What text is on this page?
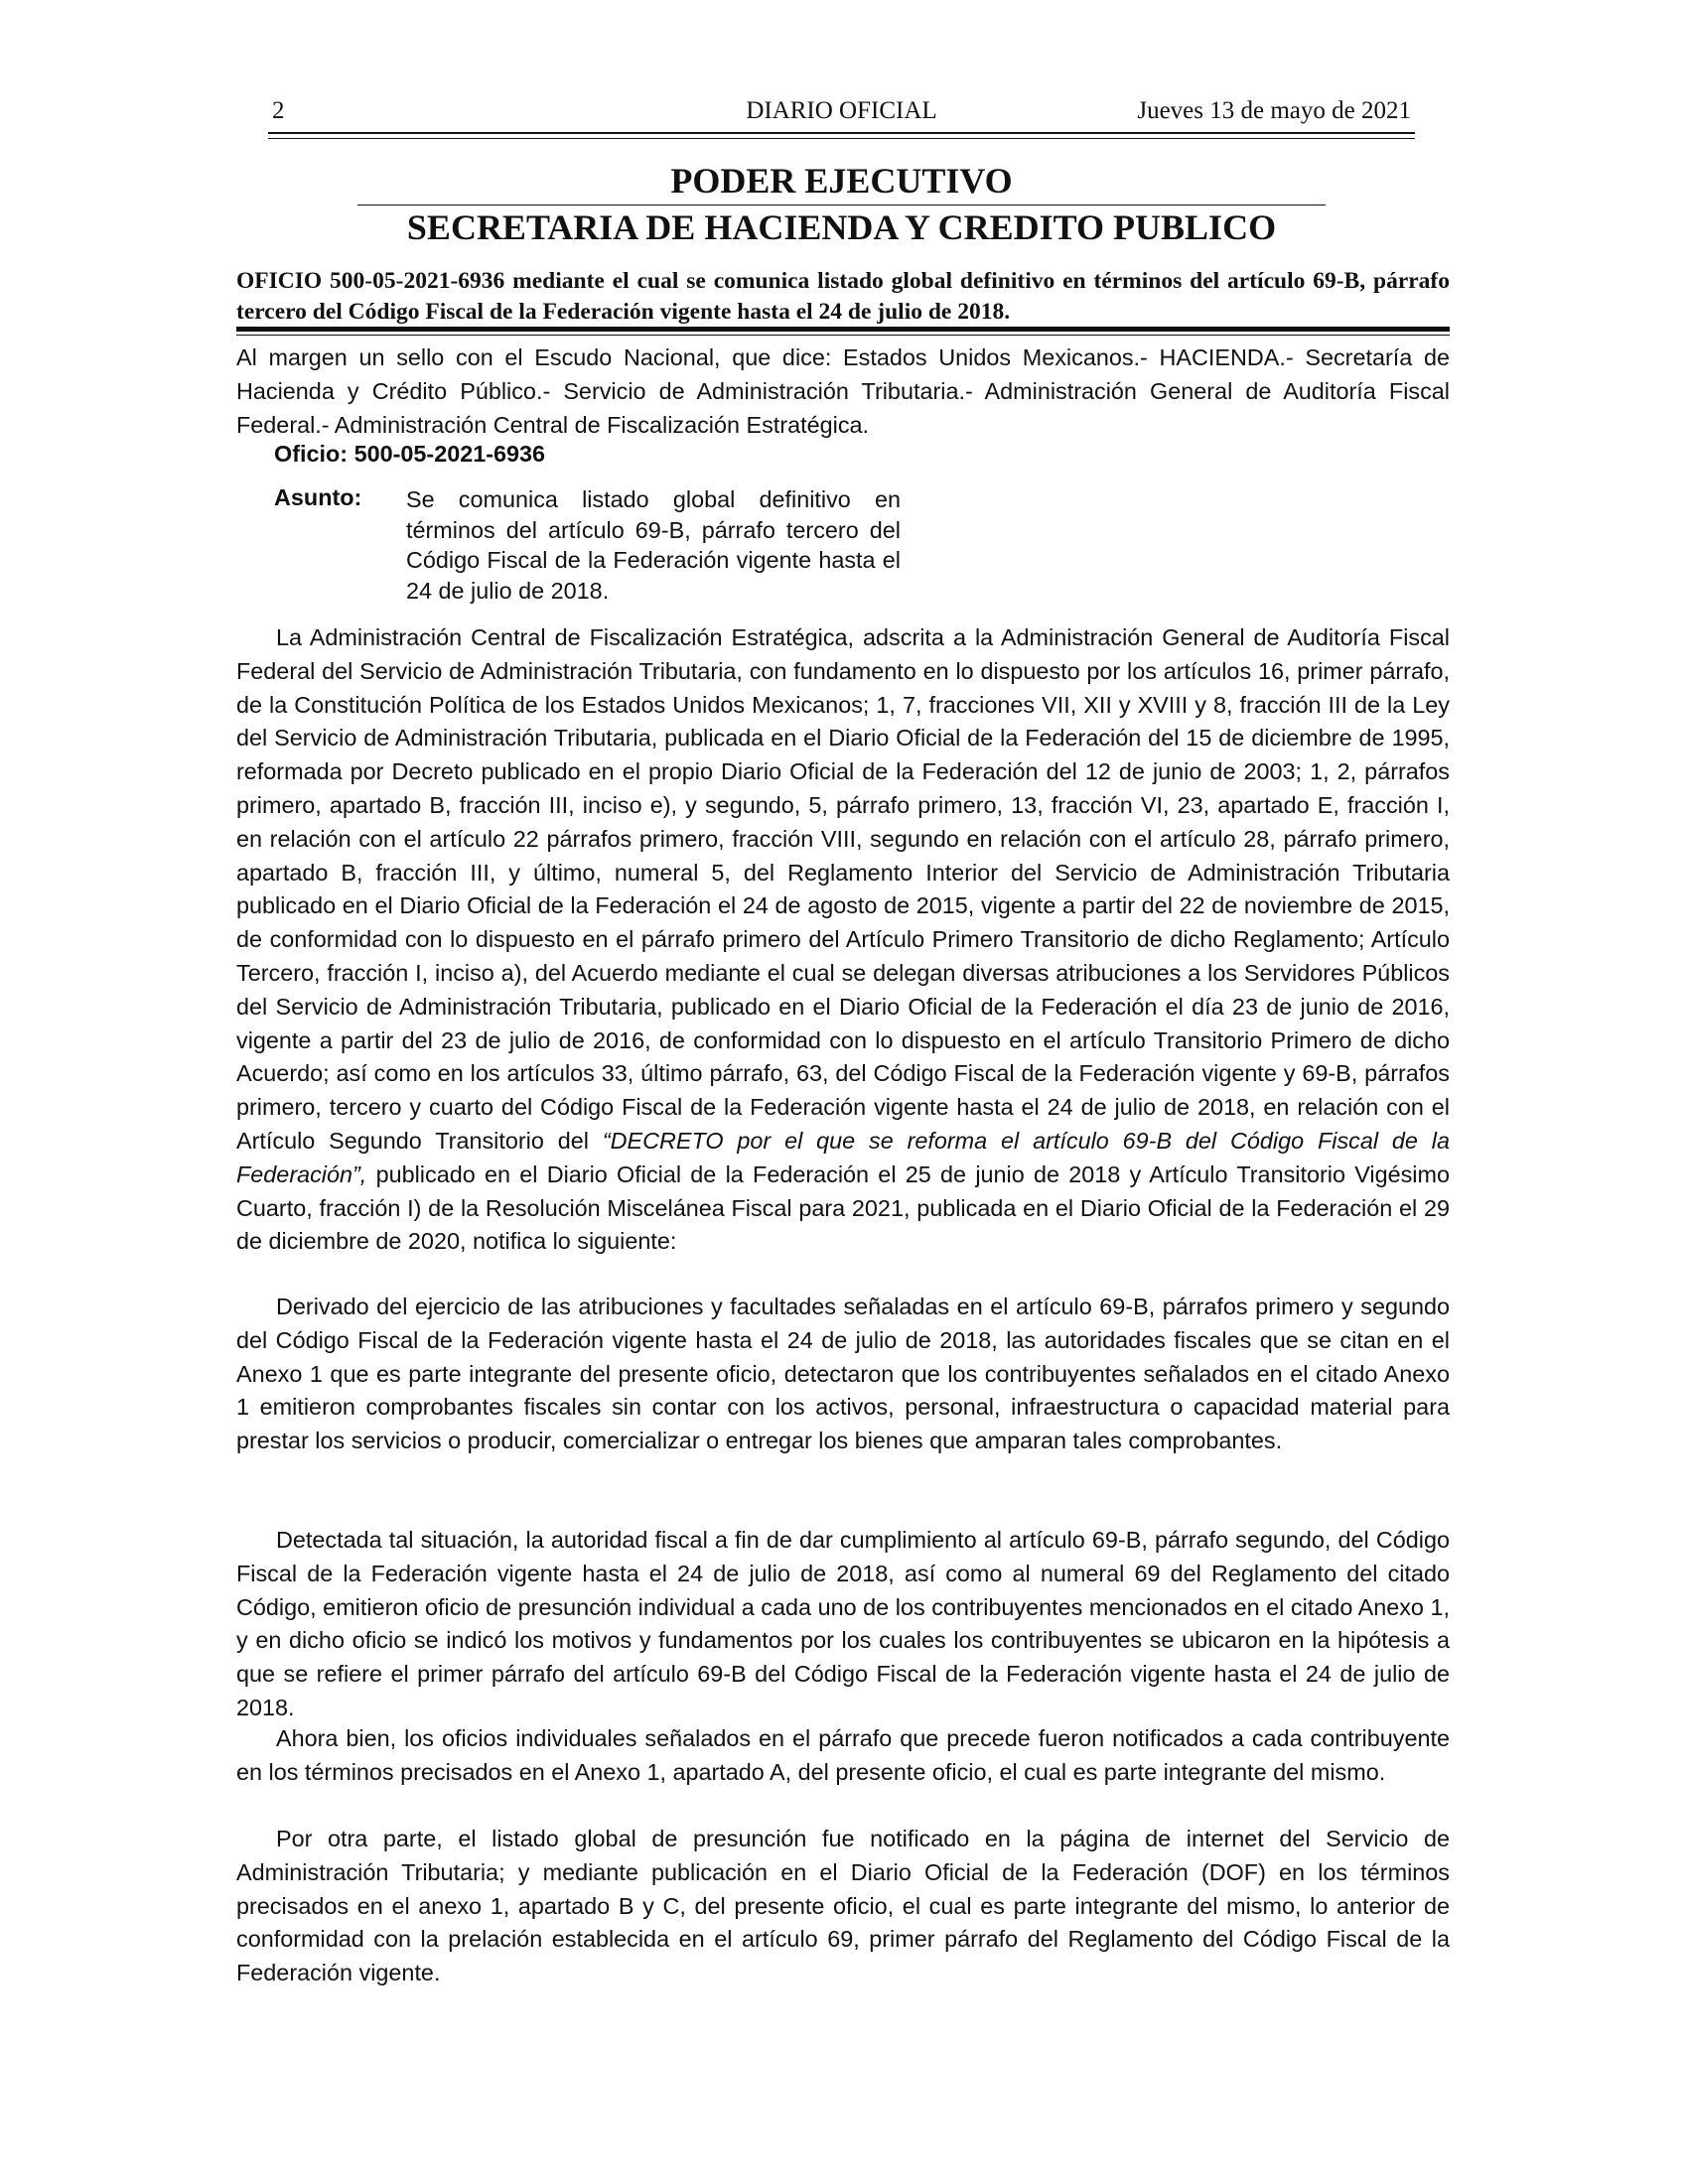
2	DIARIO OFICIAL	Jueves 13 de mayo de 2021
PODER EJECUTIVO
SECRETARIA DE HACIENDA Y CREDITO PUBLICO

OFICIO 500-05-2021-6936 mediante el cual se comunica listado global definitivo en términos del artículo 69-B, párrafo tercero del Código Fiscal de la Federación vigente hasta el 24 de julio de 2018.

Al margen un sello con el Escudo Nacional, que dice: Estados Unidos Mexicanos.- HACIENDA.- Secretaría de Hacienda y Crédito Público.- Servicio de Administración Tributaria.- Administración General de Auditoría Fiscal Federal.- Administración Central de Fiscalización Estratégica.

Oficio: 500-05-2021-6936

Asunto: Se comunica listado global definitivo en términos del artículo 69-B, párrafo tercero del Código Fiscal de la Federación vigente hasta el 24 de julio de 2018.

La Administración Central de Fiscalización Estratégica, adscrita a la Administración General de Auditoría Fiscal Federal del Servicio de Administración Tributaria, con fundamento en lo dispuesto por los artículos 16, primer párrafo, de la Constitución Política de los Estados Unidos Mexicanos; 1, 7, fracciones VII, XII y XVIII y 8, fracción III de la Ley del Servicio de Administración Tributaria, publicada en el Diario Oficial de la Federación del 15 de diciembre de 1995, reformada por Decreto publicado en el propio Diario Oficial de la Federación del 12 de junio de 2003; 1, 2, párrafos primero, apartado B, fracción III, inciso e), y segundo, 5, párrafo primero, 13, fracción VI, 23, apartado E, fracción I, en relación con el artículo 22 párrafos primero, fracción VIII, segundo en relación con el artículo 28, párrafo primero, apartado B, fracción III, y último, numeral 5, del Reglamento Interior del Servicio de Administración Tributaria publicado en el Diario Oficial de la Federación el 24 de agosto de 2015, vigente a partir del 22 de noviembre de 2015, de conformidad con lo dispuesto en el párrafo primero del Artículo Primero Transitorio de dicho Reglamento; Artículo Tercero, fracción I, inciso a), del Acuerdo mediante el cual se delegan diversas atribuciones a los Servidores Públicos del Servicio de Administración Tributaria, publicado en el Diario Oficial de la Federación el día 23 de junio de 2016, vigente a partir del 23 de julio de 2016, de conformidad con lo dispuesto en el artículo Transitorio Primero de dicho Acuerdo; así como en los artículos 33, último párrafo, 63, del Código Fiscal de la Federación vigente y 69-B, párrafos primero, tercero y cuarto del Código Fiscal de la Federación vigente hasta el 24 de julio de 2018, en relación con el Artículo Segundo Transitorio del “DECRETO por el que se reforma el artículo 69-B del Código Fiscal de la Federación”, publicado en el Diario Oficial de la Federación el 25 de junio de 2018 y Artículo Transitorio Vigésimo Cuarto, fracción I) de la Resolución Miscelánea Fiscal para 2021, publicada en el Diario Oficial de la Federación el 29 de diciembre de 2020, notifica lo siguiente:

Derivado del ejercicio de las atribuciones y facultades señaladas en el artículo 69-B, párrafos primero y segundo del Código Fiscal de la Federación vigente hasta el 24 de julio de 2018, las autoridades fiscales que se citan en el Anexo 1 que es parte integrante del presente oficio, detectaron que los contribuyentes señalados en el citado Anexo 1 emitieron comprobantes fiscales sin contar con los activos, personal, infraestructura o capacidad material para prestar los servicios o producir, comercializar o entregar los bienes que amparan tales comprobantes.

Detectada tal situación, la autoridad fiscal a fin de dar cumplimiento al artículo 69-B, párrafo segundo, del Código Fiscal de la Federación vigente hasta el 24 de julio de 2018, así como al numeral 69 del Reglamento del citado Código, emitieron oficio de presunción individual a cada uno de los contribuyentes mencionados en el citado Anexo 1, y en dicho oficio se indicó los motivos y fundamentos por los cuales los contribuyentes se ubicaron en la hipótesis a que se refiere el primer párrafo del artículo 69-B del Código Fiscal de la Federación vigente hasta el 24 de julio de 2018.

Ahora bien, los oficios individuales señalados en el párrafo que precede fueron notificados a cada contribuyente en los términos precisados en el Anexo 1, apartado A, del presente oficio, el cual es parte integrante del mismo.

Por otra parte, el listado global de presunción fue notificado en la página de internet del Servicio de Administración Tributaria; y mediante publicación en el Diario Oficial de la Federación (DOF) en los términos precisados en el anexo 1, apartado B y C, del presente oficio, el cual es parte integrante del mismo, lo anterior de conformidad con la prelación establecida en el artículo 69, primer párrafo del Reglamento del Código Fiscal de la Federación vigente.
